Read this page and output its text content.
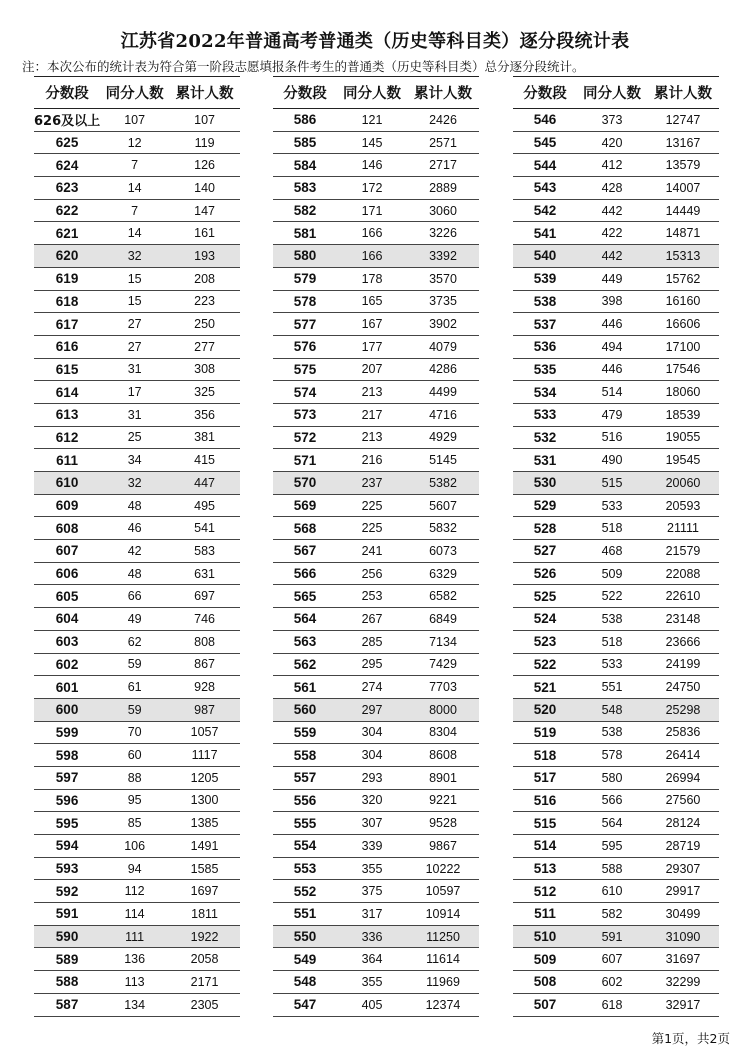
江苏省2022年普通高考普通类（历史等科目类）逐分段统计表
注：本次公布的统计表为符合第一阶段志愿填报条件考生的普通类（历史等科目类）总分逐分段统计。
分数段	同分人数	累计人数
626及以上	107	107
625	12	119
624	7	126
623	14	140
622	7	147
621	14	161
620	32	193
619	15	208
618	15	223
617	27	250
616	27	277
615	31	308
614	17	325
613	31	356
612	25	381
611	34	415
610	32	447
609	48	495
608	46	541
607	42	583
606	48	631
605	66	697
604	49	746
603	62	808
602	59	867
601	61	928
600	59	987
599	70	1057
598	60	1117
597	88	1205
596	95	1300
595	85	1385
594	106	1491
593	94	1585
592	112	1697
591	114	1811
590	111	1922
589	136	2058
588	113	2171
587	134	2305
分数段	同分人数	累计人数
586	121	2426
585	145	2571
584	146	2717
583	172	2889
582	171	3060
581	166	3226
580	166	3392
579	178	3570
578	165	3735
577	167	3902
576	177	4079
575	207	4286
574	213	4499
573	217	4716
572	213	4929
571	216	5145
570	237	5382
569	225	5607
568	225	5832
567	241	6073
566	256	6329
565	253	6582
564	267	6849
563	285	7134
562	295	7429
561	274	7703
560	297	8000
559	304	8304
558	304	8608
557	293	8901
556	320	9221
555	307	9528
554	339	9867
553	355	10222
552	375	10597
551	317	10914
550	336	11250
549	364	11614
548	355	11969
547	405	12374
分数段	同分人数	累计人数
546	373	12747
545	420	13167
544	412	13579
543	428	14007
542	442	14449
541	422	14871
540	442	15313
539	449	15762
538	398	16160
537	446	16606
536	494	17100
535	446	17546
534	514	18060
533	479	18539
532	516	19055
531	490	19545
530	515	20060
529	533	20593
528	518	21111
527	468	21579
526	509	22088
525	522	22610
524	538	23148
523	518	23666
522	533	24199
521	551	24750
520	548	25298
519	538	25836
518	578	26414
517	580	26994
516	566	27560
515	564	28124
514	595	28719
513	588	29307
512	610	29917
511	582	30499
510	591	31090
509	607	31697
508	602	32299
507	618	32917
第1页，共2页
